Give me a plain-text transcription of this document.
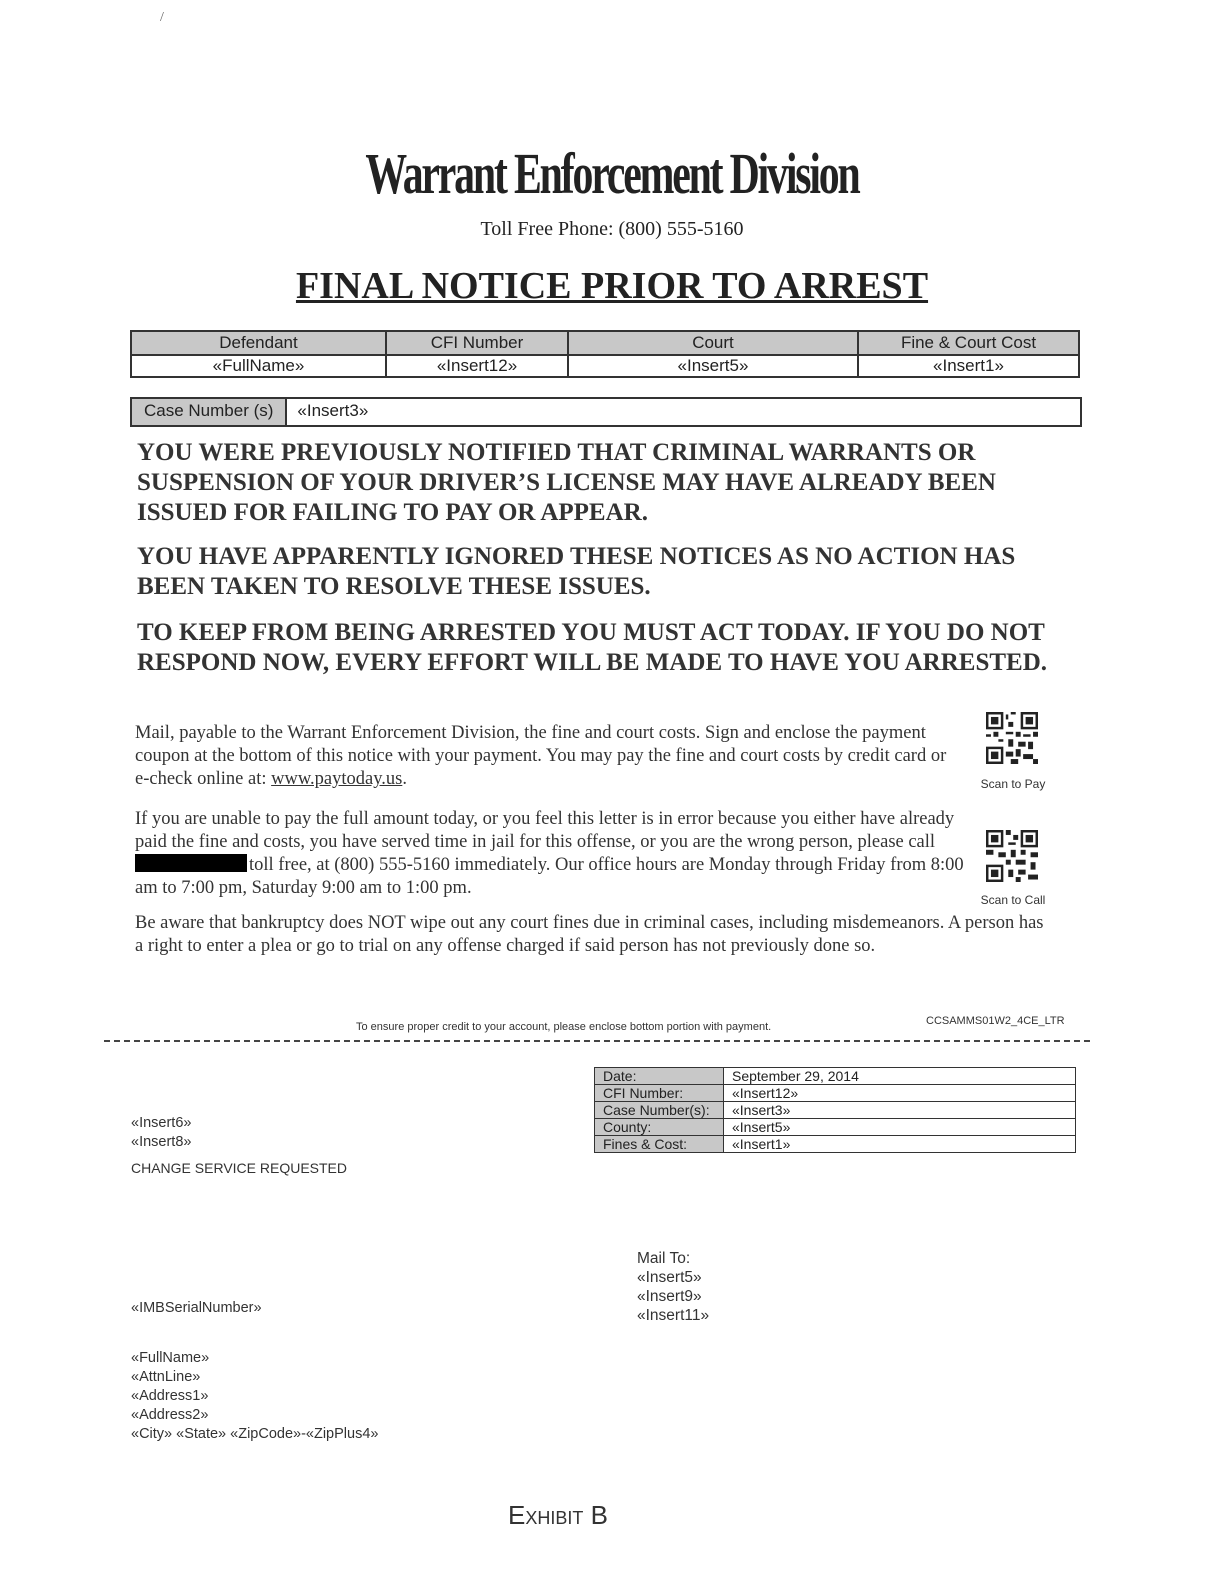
/
Warrant Enforcement Division
Toll Free Phone: (800) 555-5160
FINAL NOTICE PRIOR TO ARREST
Defendant	CFI Number	Court	Fine & Court Cost
«FullName»	«Insert12»	«Insert5»	«Insert1»
Case Number (s)	«Insert3»
YOU WERE PREVIOUSLY NOTIFIED THAT CRIMINAL WARRANTS OR SUSPENSION OF YOUR DRIVER’S LICENSE MAY HAVE ALREADY BEEN ISSUED FOR FAILING TO PAY OR APPEAR.
YOU HAVE APPARENTLY IGNORED THESE NOTICES AS NO ACTION HAS BEEN TAKEN TO RESOLVE THESE ISSUES.
TO KEEP FROM BEING ARRESTED YOU MUST ACT TODAY. IF YOU DO NOT RESPOND NOW, EVERY EFFORT WILL BE MADE TO HAVE YOU ARRESTED.
Mail, payable to the Warrant Enforcement Division, the fine and court costs. Sign and enclose the payment coupon at the bottom of this notice with your payment. You may pay the fine and court costs by credit card or e-check online at: www.paytoday.us.	Scan to Pay
If you are unable to pay the full amount today, or you feel this letter is in error because you either have already paid the fine and costs, you have served time in jail for this offense, or you are the wrong person, please call toll free, at (800) 555-5160 immediately. Our office hours are Monday through Friday from 8:00 am to 7:00 pm, Saturday 9:00 am to 1:00 pm.
Scan to Call
Be aware that bankruptcy does NOT wipe out any court fines due in criminal cases, including misdemeanors. A person has a right to enter a plea or go to trial on any offense charged if said person has not previously done so.
To ensure proper credit to your account, please enclose bottom portion with payment.	CCSAMMS01W2_4CE_LTR
Date:	September 29, 2014
CFI Number:	«Insert12»
Case Number(s):	«Insert3»
County:	«Insert5»
Fines & Cost:	«Insert1»
«Insert6»
«Insert8»
CHANGE SERVICE REQUESTED
Mail To:
«Insert5»
«Insert9»
«Insert11»
«IMBSerialNumber»
«FullName»
«AttnLine»
«Address1»
«Address2»
«City» «State» «ZipCode»-«ZipPlus4»
Exhibit B
